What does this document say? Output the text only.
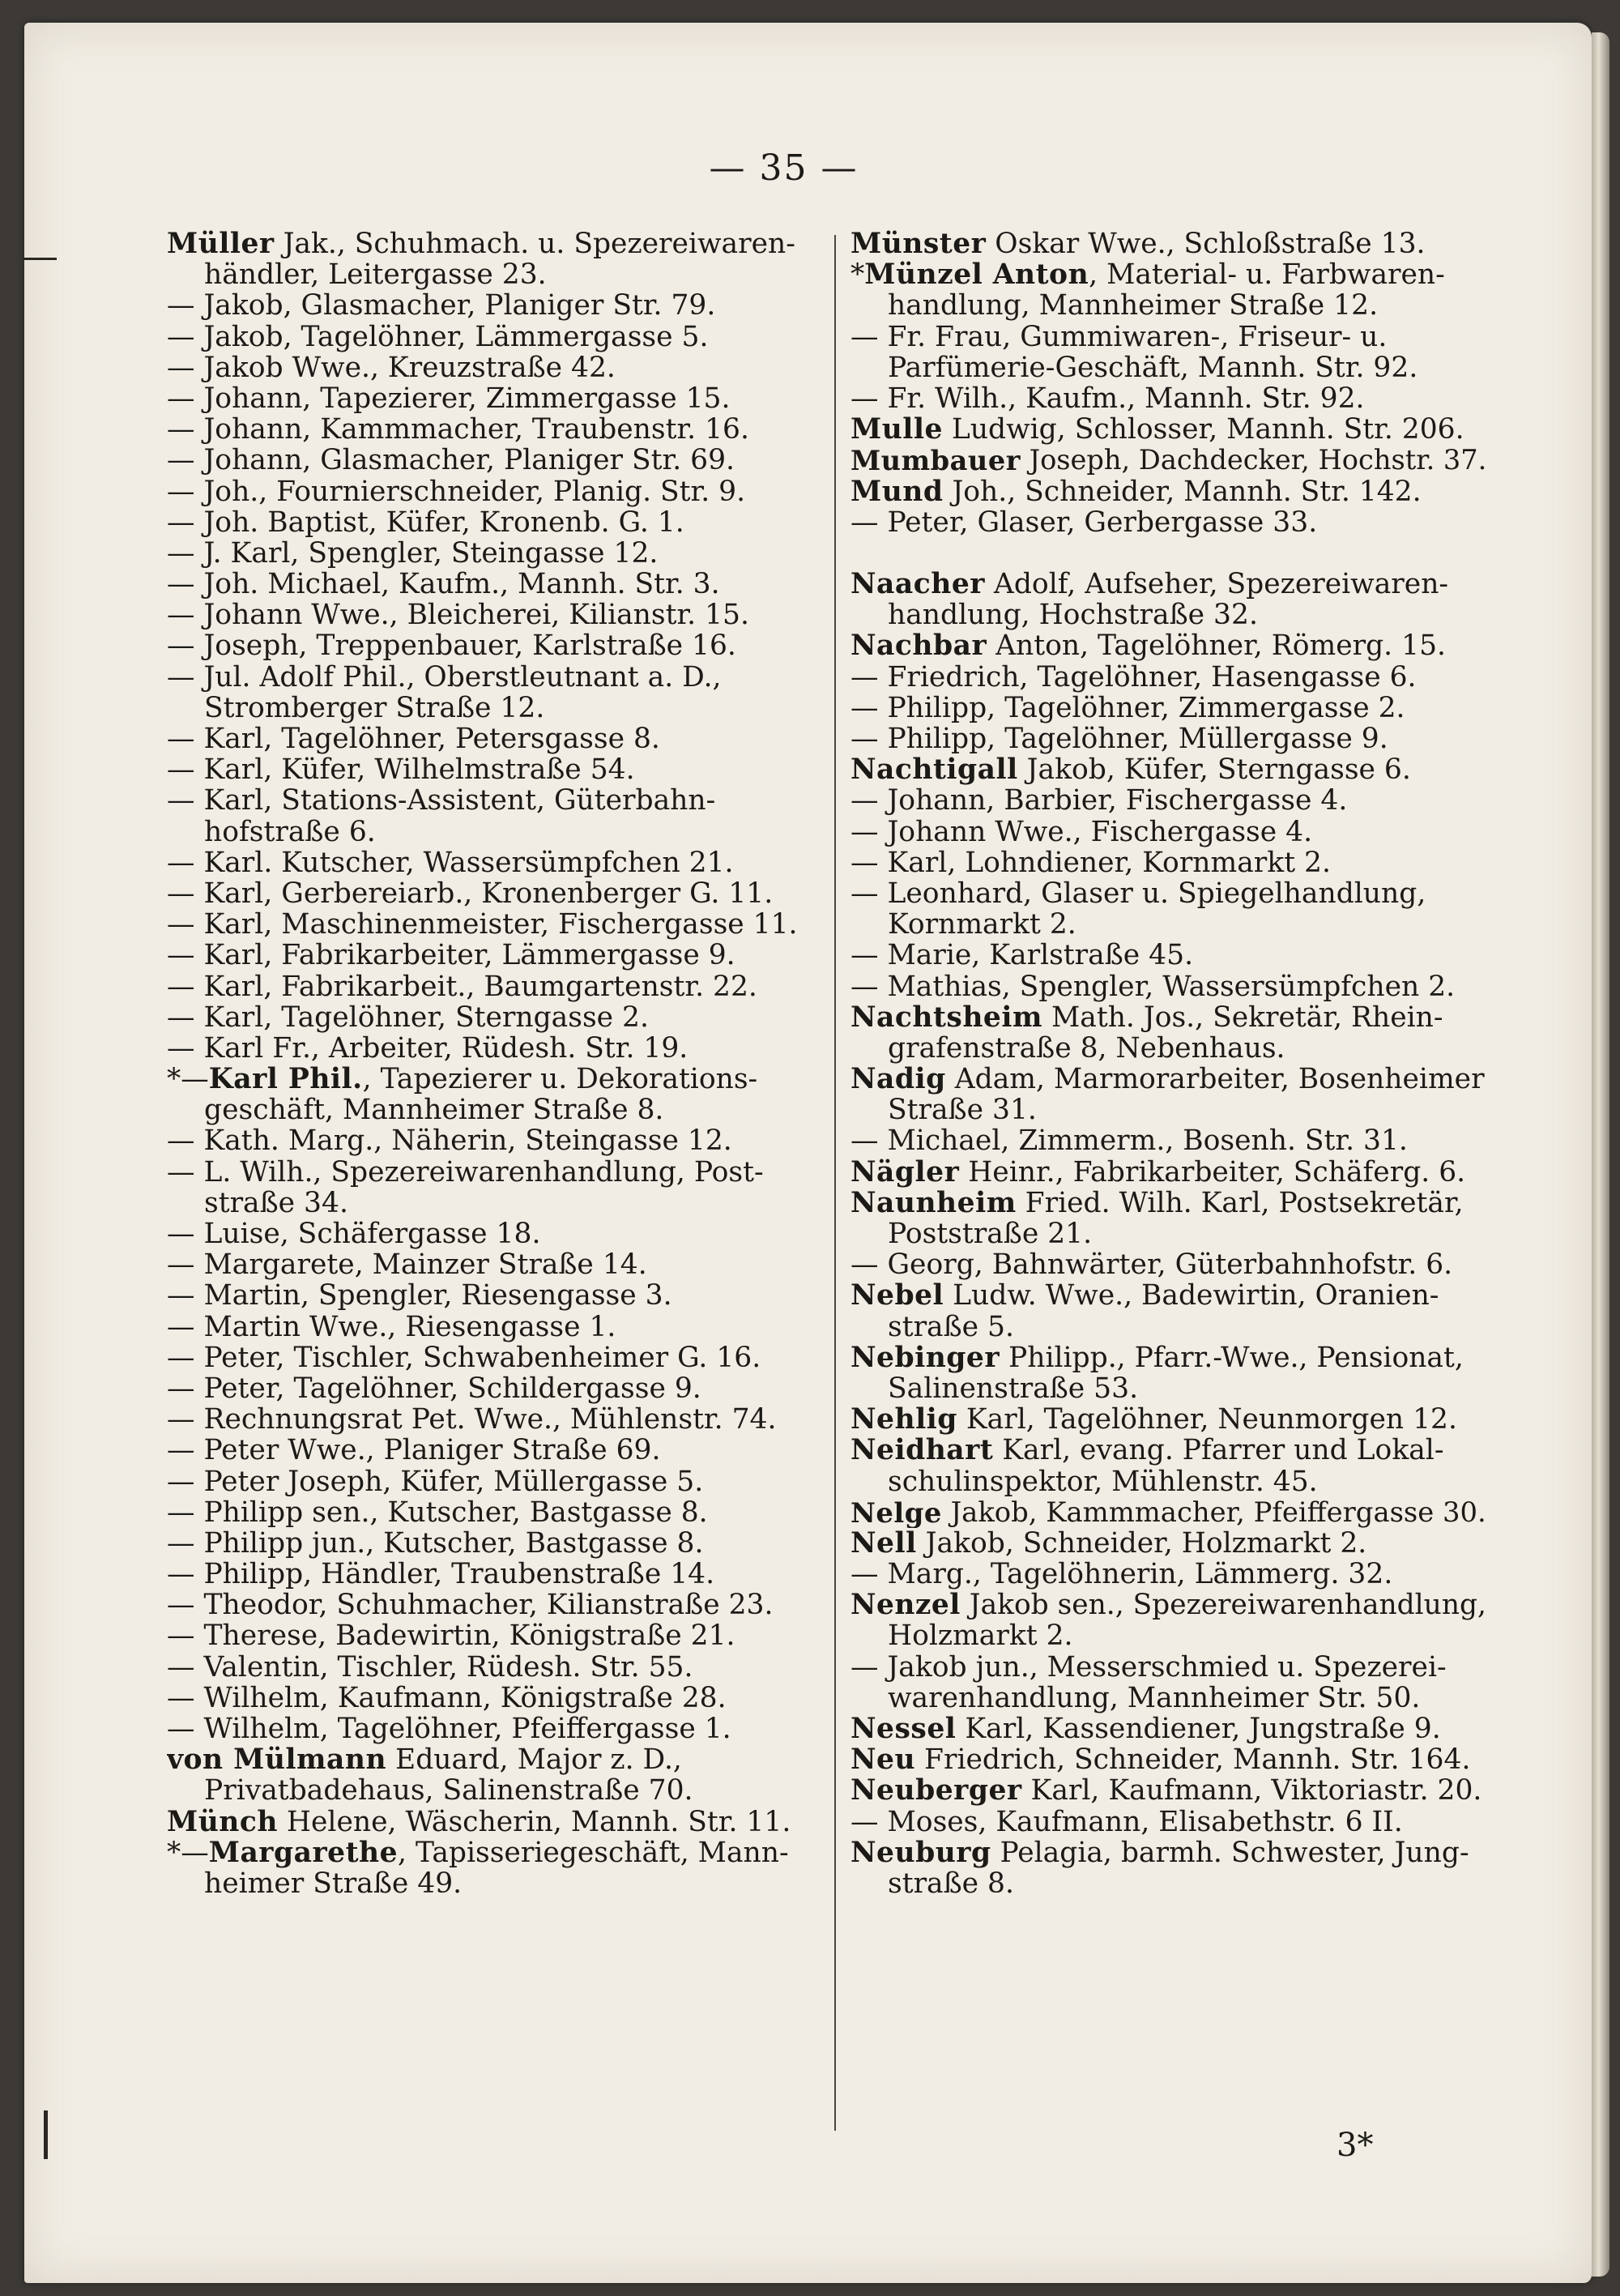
— 35 —
Müller Jak., Schuhmach. u. Spezereiwaren-
händler, Leitergasse 23.
— Jakob, Glasmacher, Planiger Str. 79.
— Jakob, Tagelöhner, Lämmergasse 5.
— Jakob Wwe., Kreuzstraße 42.
— Johann, Tapezierer, Zimmergasse 15.
— Johann, Kammmacher, Traubenstr. 16.
— Johann, Glasmacher, Planiger Str. 69.
— Joh., Fournierschneider, Planig. Str. 9.
— Joh. Baptist, Küfer, Kronenb. G. 1.
— J. Karl, Spengler, Steingasse 12.
— Joh. Michael, Kaufm., Mannh. Str. 3.
— Johann Wwe., Bleicherei, Kilianstr. 15.
— Joseph, Treppenbauer, Karlstraße 16.
— Jul. Adolf Phil., Oberstleutnant a. D.,
Stromberger Straße 12.
— Karl, Tagelöhner, Petersgasse 8.
— Karl, Küfer, Wilhelmstraße 54.
— Karl, Stations-Assistent, Güterbahn-
hofstraße 6.
— Karl. Kutscher, Wassersümpfchen 21.
— Karl, Gerbereiarb., Kronenberger G. 11.
— Karl, Maschinenmeister, Fischergasse 11.
— Karl, Fabrikarbeiter, Lämmergasse 9.
— Karl, Fabrikarbeit., Baumgartenstr. 22.
— Karl, Tagelöhner, Sterngasse 2.
— Karl Fr., Arbeiter, Rüdesh. Str. 19.
*— Karl Phil. , Tapezierer u. Dekorations-
geschäft, Mannheimer Straße 8.
— Kath. Marg., Näherin, Steingasse 12.
— L. Wilh., Spezereiwarenhandlung, Post-
straße 34.
— Luise, Schäfergasse 18.
— Margarete, Mainzer Straße 14.
— Martin, Spengler, Riesengasse 3.
— Martin Wwe., Riesengasse 1.
— Peter, Tischler, Schwabenheimer G. 16.
— Peter, Tagelöhner, Schildergasse 9.
— Rechnungsrat Pet. Wwe., Mühlenstr. 74.
— Peter Wwe., Planiger Straße 69.
— Peter Joseph, Küfer, Müllergasse 5.
— Philipp sen., Kutscher, Bastgasse 8.
— Philipp jun., Kutscher, Bastgasse 8.
— Philipp, Händler, Traubenstraße 14.
— Theodor, Schuhmacher, Kilianstraße 23.
— Therese, Badewirtin, Königstraße 21.
— Valentin, Tischler, Rüdesh. Str. 55.
— Wilhelm, Kaufmann, Königstraße 28.
— Wilhelm, Tagelöhner, Pfeiffergasse 1.
von Mülmann Eduard, Major z. D.,
Privatbadehaus, Salinenstraße 70.
Münch Helene, Wäscherin, Mannh. Str. 11.
*— Margarethe , Tapisseriegeschäft, Mann-
heimer Straße 49.
Münster Oskar Wwe., Schloßstraße 13.
* Münzel Anton , Material- u. Farbwaren-
handlung, Mannheimer Straße 12.
— Fr. Frau, Gummiwaren-, Friseur- u.
Parfümerie-Geschäft, Mannh. Str. 92.
— Fr. Wilh., Kaufm., Mannh. Str. 92.
Mulle Ludwig, Schlosser, Mannh. Str. 206.
Mumbauer Joseph, Dachdecker, Hochstr. 37.
Mund Joh., Schneider, Mannh. Str. 142.
— Peter, Glaser, Gerbergasse 33.
Naacher Adolf, Aufseher, Spezereiwaren-
handlung, Hochstraße 32.
Nachbar Anton, Tagelöhner, Römerg. 15.
— Friedrich, Tagelöhner, Hasengasse 6.
— Philipp, Tagelöhner, Zimmergasse 2.
— Philipp, Tagelöhner, Müllergasse 9.
Nachtigall Jakob, Küfer, Sterngasse 6.
— Johann, Barbier, Fischergasse 4.
— Johann Wwe., Fischergasse 4.
— Karl, Lohndiener, Kornmarkt 2.
— Leonhard, Glaser u. Spiegelhandlung,
Kornmarkt 2.
— Marie, Karlstraße 45.
— Mathias, Spengler, Wassersümpfchen 2.
Nachtsheim Math. Jos., Sekretär, Rhein-
grafenstraße 8, Nebenhaus.
Nadig Adam, Marmorarbeiter, Bosenheimer
Straße 31.
— Michael, Zimmerm., Bosenh. Str. 31.
Nägler Heinr., Fabrikarbeiter, Schäferg. 6.
Naunheim Fried. Wilh. Karl, Postsekretär,
Poststraße 21.
— Georg, Bahnwärter, Güterbahnhofstr. 6.
Nebel Ludw. Wwe., Badewirtin, Oranien-
straße 5.
Nebinger Philipp., Pfarr.-Wwe., Pensionat,
Salinenstraße 53.
Nehlig Karl, Tagelöhner, Neunmorgen 12.
Neidhart Karl, evang. Pfarrer und Lokal-
schulinspektor, Mühlenstr. 45.
Nelge Jakob, Kammmacher, Pfeiffergasse 30.
Nell Jakob, Schneider, Holzmarkt 2.
— Marg., Tagelöhnerin, Lämmerg. 32.
Nenzel Jakob sen., Spezereiwarenhandlung,
Holzmarkt 2.
— Jakob jun., Messerschmied u. Spezerei-
warenhandlung, Mannheimer Str. 50.
Nessel Karl, Kassendiener, Jungstraße 9.
Neu Friedrich, Schneider, Mannh. Str. 164.
Neuberger Karl, Kaufmann, Viktoriastr. 20.
— Moses, Kaufmann, Elisabethstr. 6 II.
Neuburg Pelagia, barmh. Schwester, Jung-
straße 8.
3*
